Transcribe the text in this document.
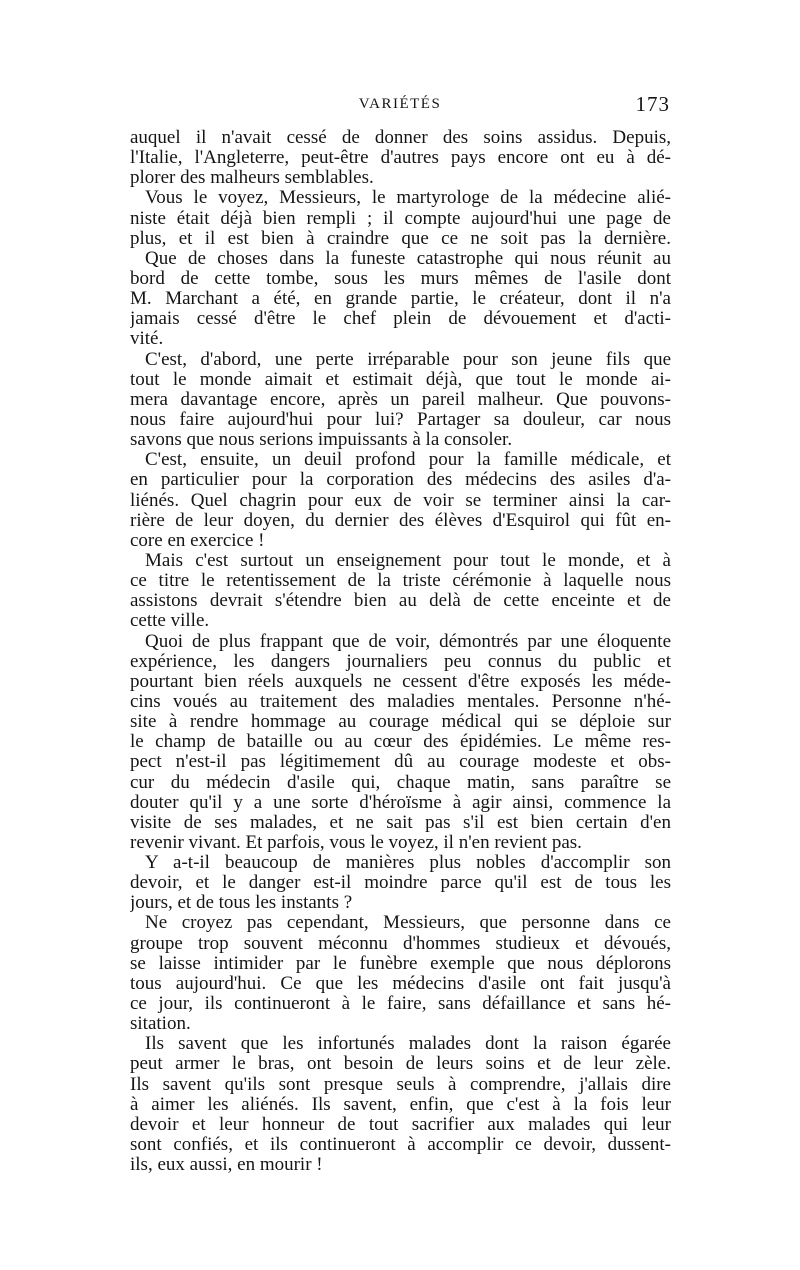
VARIÉTÉS	173
auquel il n'avait cessé de donner des soins assidus. Depuis,
l'Italie, l'Angleterre, peut-être d'autres pays encore ont eu à dé-
plorer des malheurs semblables.
Vous le voyez, Messieurs, le martyrologe de la médecine alié-
niste était déjà bien rempli ; il compte aujourd'hui une page de
plus, et il est bien à craindre que ce ne soit pas la dernière.
Que de choses dans la funeste catastrophe qui nous réunit au
bord de cette tombe, sous les murs mêmes de l'asile dont
M. Marchant a été, en grande partie, le créateur, dont il n'a
jamais cessé d'être le chef plein de dévouement et d'acti-
vité.
C'est, d'abord, une perte irréparable pour son jeune fils que
tout le monde aimait et estimait déjà, que tout le monde ai-
mera davantage encore, après un pareil malheur. Que pouvons-
nous faire aujourd'hui pour lui? Partager sa douleur, car nous
savons que nous serions impuissants à la consoler.
C'est, ensuite, un deuil profond pour la famille médicale, et
en particulier pour la corporation des médecins des asiles d'a-
liénés. Quel chagrin pour eux de voir se terminer ainsi la car-
rière de leur doyen, du dernier des élèves d'Esquirol qui fût en-
core en exercice !
Mais c'est surtout un enseignement pour tout le monde, et à
ce titre le retentissement de la triste cérémonie à laquelle nous
assistons devrait s'étendre bien au delà de cette enceinte et de
cette ville.
Quoi de plus frappant que de voir, démontrés par une éloquente
expérience, les dangers journaliers peu connus du public et
pourtant bien réels auxquels ne cessent d'être exposés les méde-
cins voués au traitement des maladies mentales. Personne n'hé-
site à rendre hommage au courage médical qui se déploie sur
le champ de bataille ou au cœur des épidémies. Le même res-
pect n'est-il pas légitimement dû au courage modeste et obs-
cur du médecin d'asile qui, chaque matin, sans paraître se
douter qu'il y a une sorte d'héroïsme à agir ainsi, commence la
visite de ses malades, et ne sait pas s'il est bien certain d'en
revenir vivant. Et parfois, vous le voyez, il n'en revient pas.
Y a-t-il beaucoup de manières plus nobles d'accomplir son
devoir, et le danger est-il moindre parce qu'il est de tous les
jours, et de tous les instants ?
Ne croyez pas cependant, Messieurs, que personne dans ce
groupe trop souvent méconnu d'hommes studieux et dévoués,
se laisse intimider par le funèbre exemple que nous déplorons
tous aujourd'hui. Ce que les médecins d'asile ont fait jusqu'à
ce jour, ils continueront à le faire, sans défaillance et sans hé-
sitation.
Ils savent que les infortunés malades dont la raison égarée
peut armer le bras, ont besoin de leurs soins et de leur zèle.
Ils savent qu'ils sont presque seuls à comprendre, j'allais dire
à aimer les aliénés. Ils savent, enfin, que c'est à la fois leur
devoir et leur honneur de tout sacrifier aux malades qui leur
sont confiés, et ils continueront à accomplir ce devoir, dussent-
ils, eux aussi, en mourir !
